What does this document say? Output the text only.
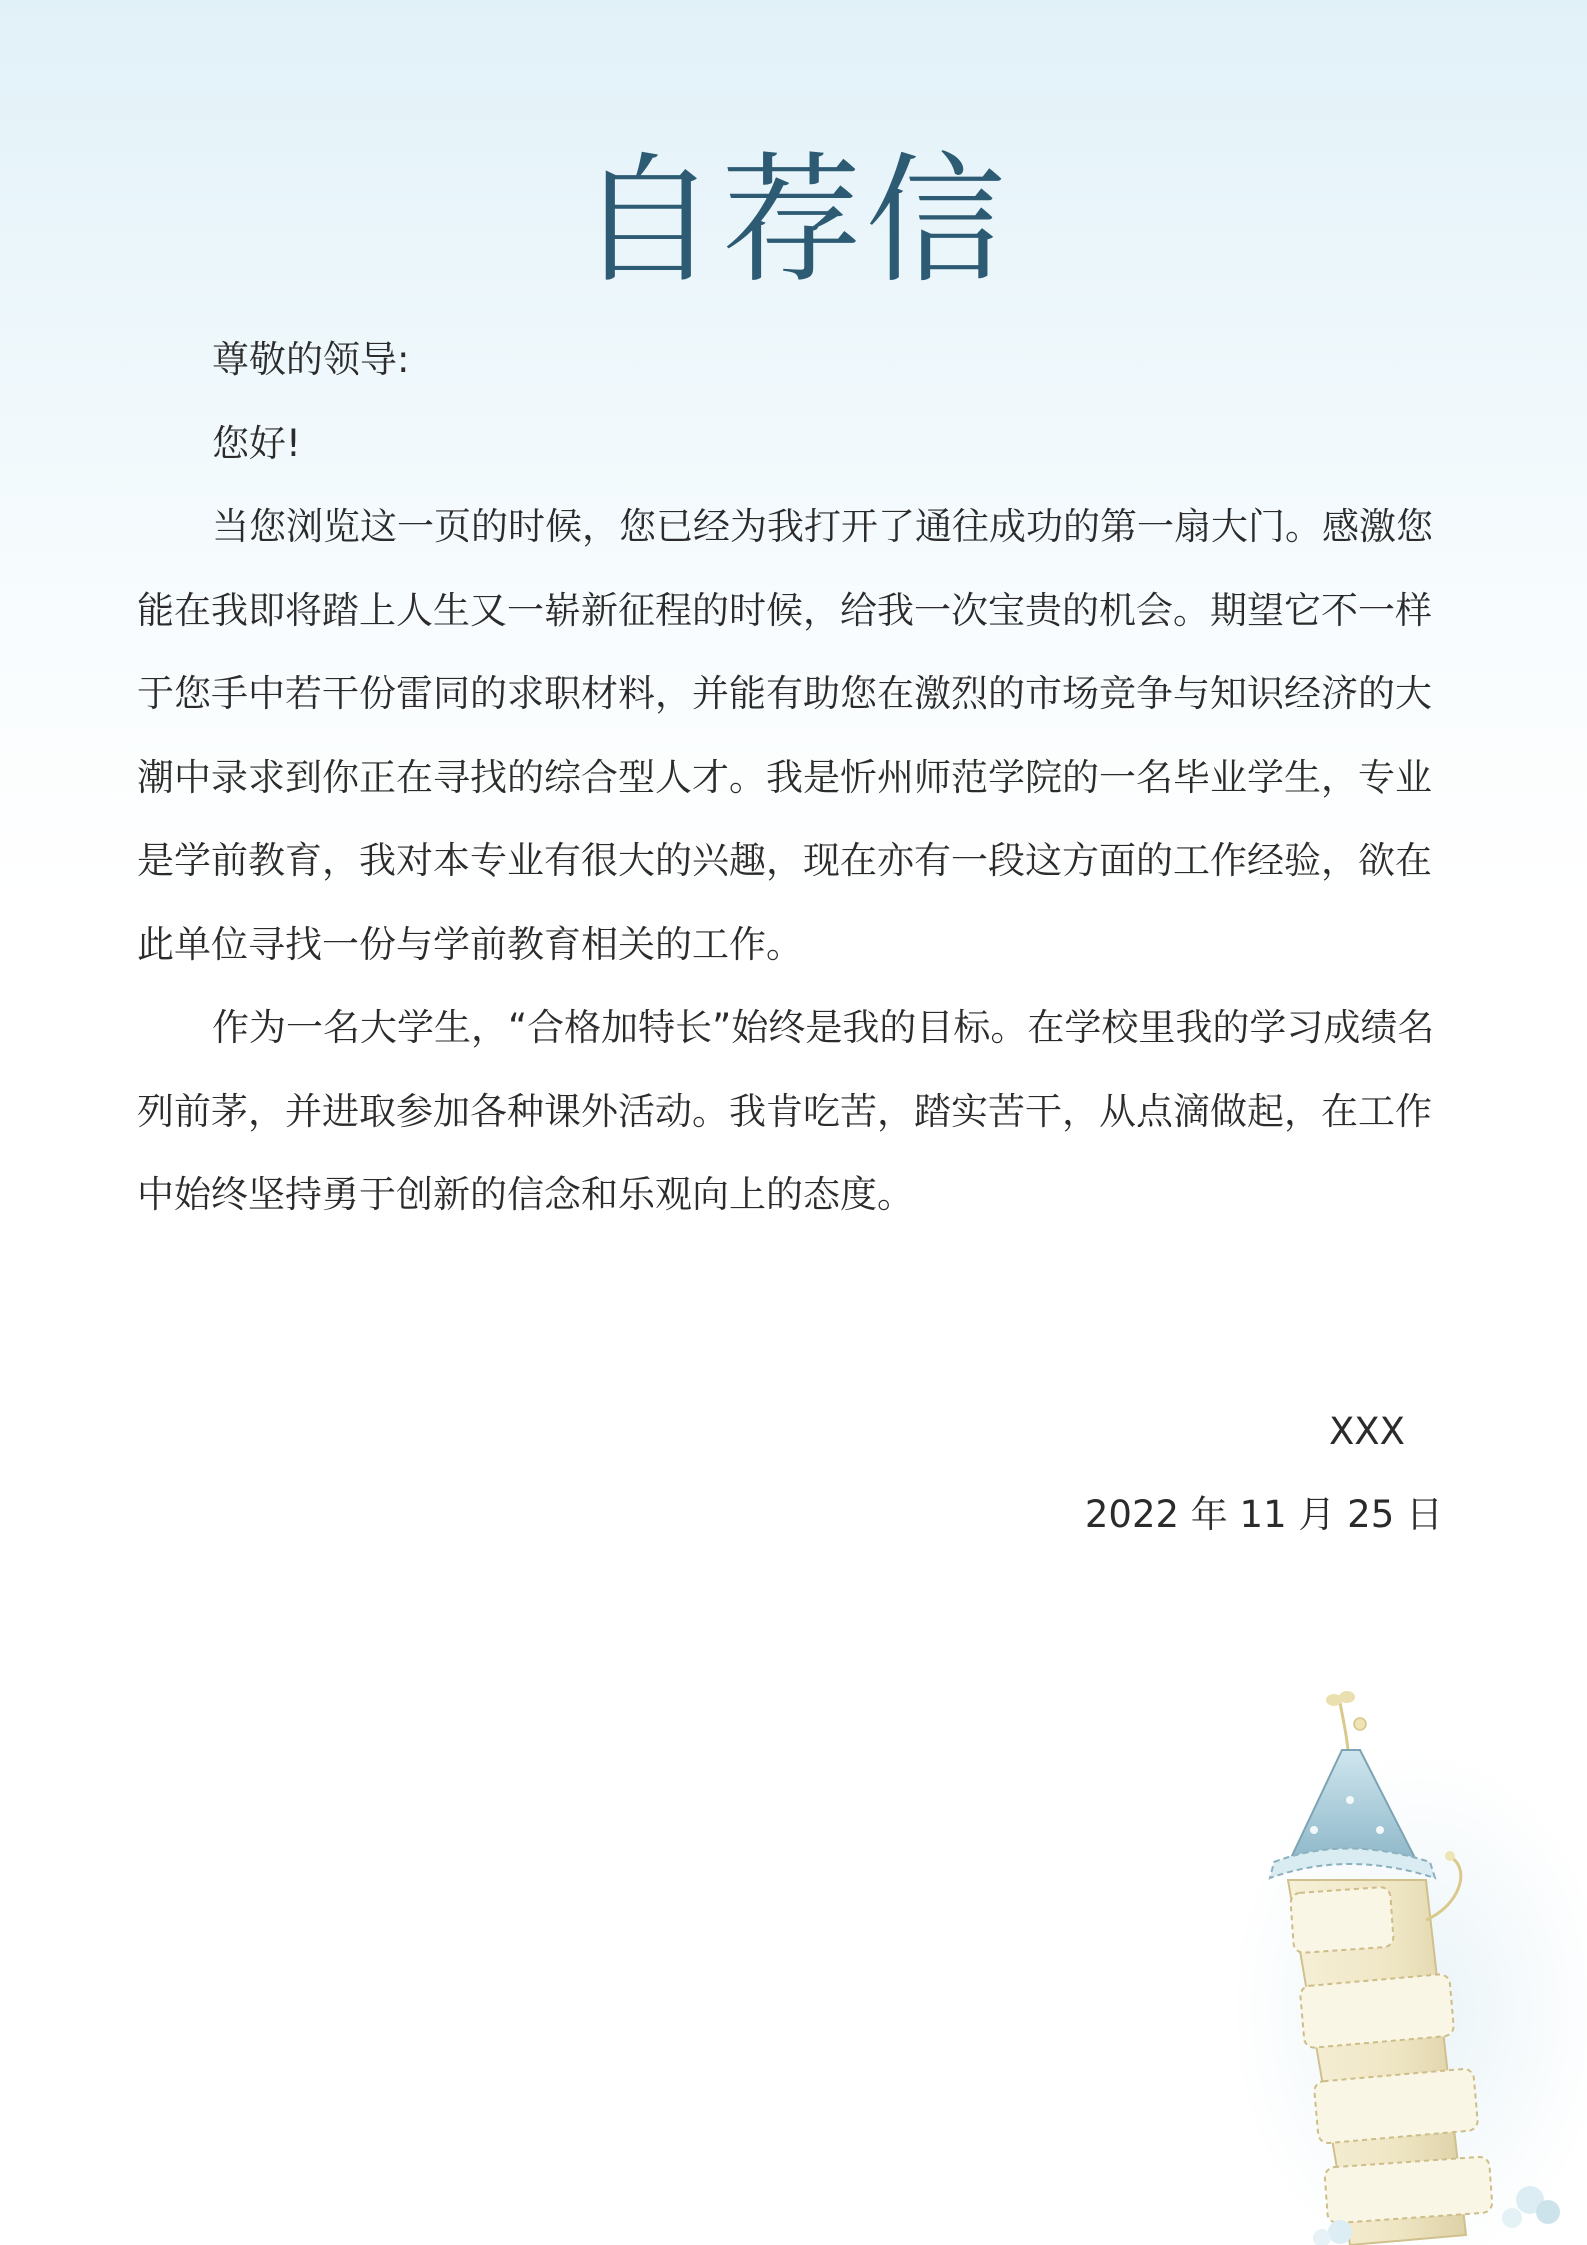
自荐信

尊敬的领导:

您好!

当您浏览这一页的时候，您已经为我打开了通往成功的第一扇大门。感激您能在我即将踏上人生又一崭新征程的时候，给我一次宝贵的机会。期望它不一样于您手中若干份雷同的求职材料，并能有助您在激烈的市场竞争与知识经济的大潮中录求到你正在寻找的综合型人才。我是忻州师范学院的一名毕业学生，专业是学前教育，我对本专业有很大的兴趣，现在亦有一段这方面的工作经验，欲在此单位寻找一份与学前教育相关的工作。

作为一名大学生，“合格加特长”始终是我的目标。在学校里我的学习成绩名列前茅，并进取参加各种课外活动。我肯吃苦，踏实苦干，从点滴做起，在工作中始终坚持勇于创新的信念和乐观向上的态度。

XXX
2022 年 11 月 25 日
